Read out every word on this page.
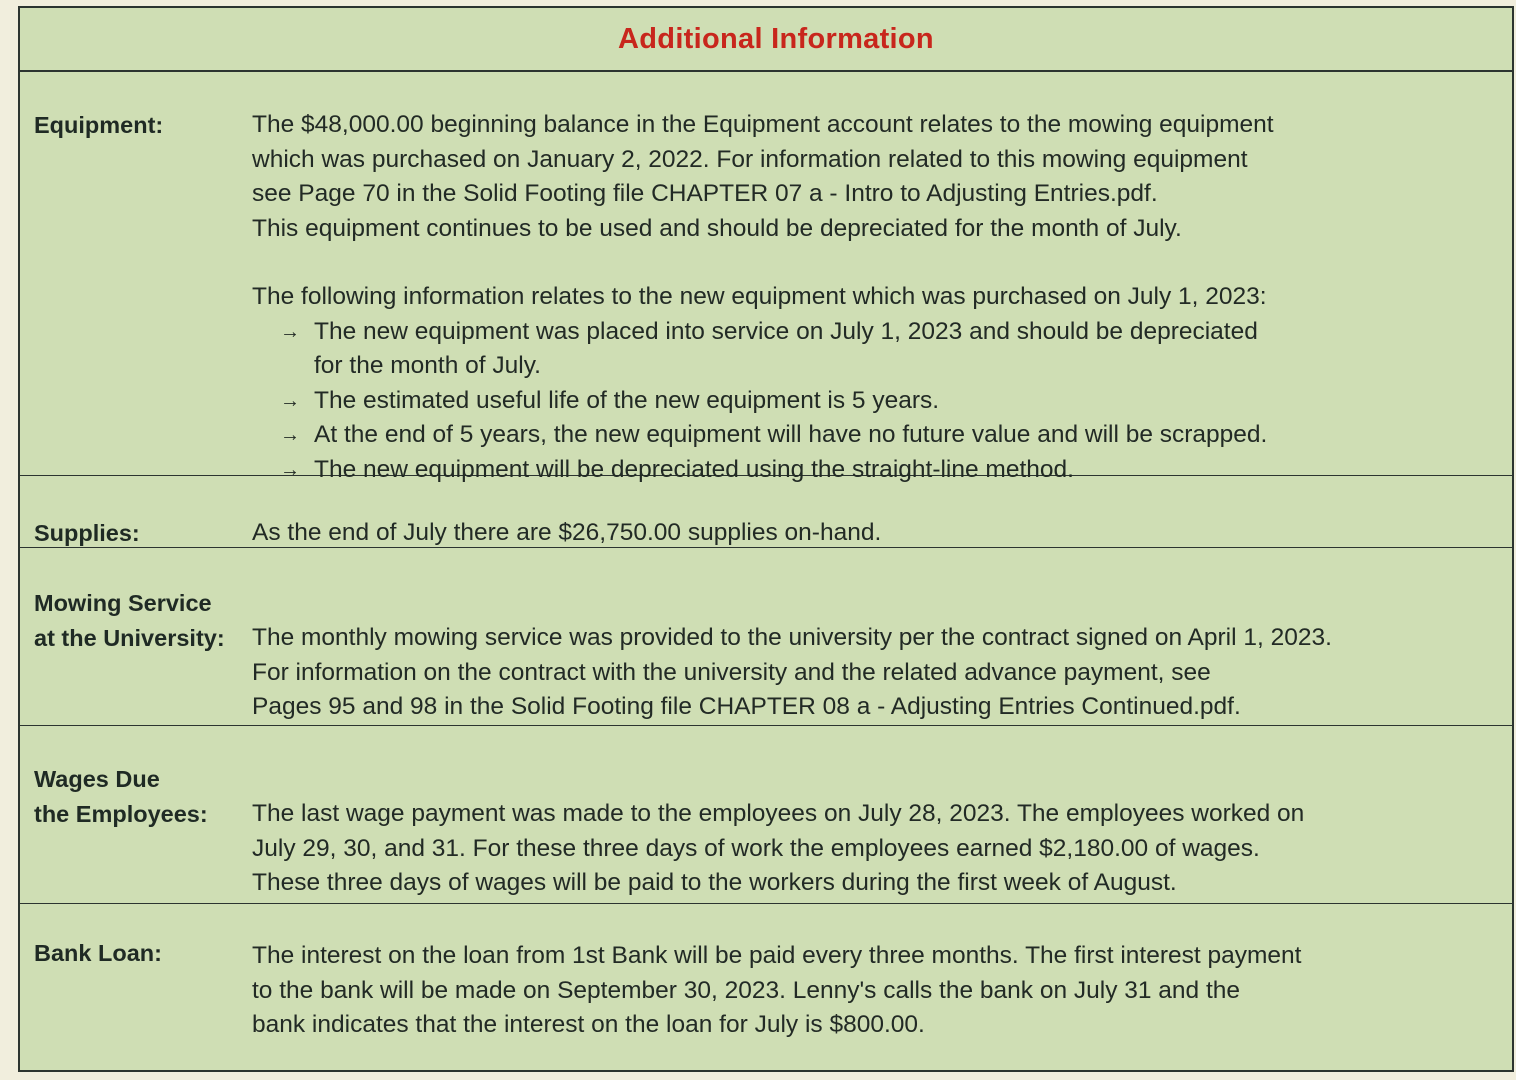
Additional Information
Equipment:	The $48,000.00 beginning balance in the Equipment account relates to the mowing equipment
which was purchased on January 2, 2022. For information related to this mowing equipment
see Page 70 in the Solid Footing file CHAPTER 07 a - Intro to Adjusting Entries.pdf.
This equipment continues to be used and should be depreciated for the month of July.
The following information relates to the new equipment which was purchased on July 1, 2023:
→ The new equipment was placed into service on July 1, 2023 and should be depreciated
for the month of July.
→ The estimated useful life of the new equipment is 5 years.
→ At the end of 5 years, the new equipment will have no future value and will be scrapped.
→ The new equipment will be depreciated using the straight-line method.
Supplies:	As the end of July there are $26,750.00 supplies on-hand.
Mowing Service
at the University: The monthly mowing service was provided to the university per the contract signed on April 1, 2023.
For information on the contract with the university and the related advance payment, see
Pages 95 and 98 in the Solid Footing file CHAPTER 08 a - Adjusting Entries Continued.pdf.
Wages Due
the Employees: The last wage payment was made to the employees on July 28, 2023. The employees worked on
July 29, 30, and 31. For these three days of work the employees earned $2,180.00 of wages.
These three days of wages will be paid to the workers during the first week of August.
Bank Loan:	The interest on the loan from 1st Bank will be paid every three months. The first interest payment
to the bank will be made on September 30, 2023. Lenny's calls the bank on July 31 and the
bank indicates that the interest on the loan for July is $800.00.
